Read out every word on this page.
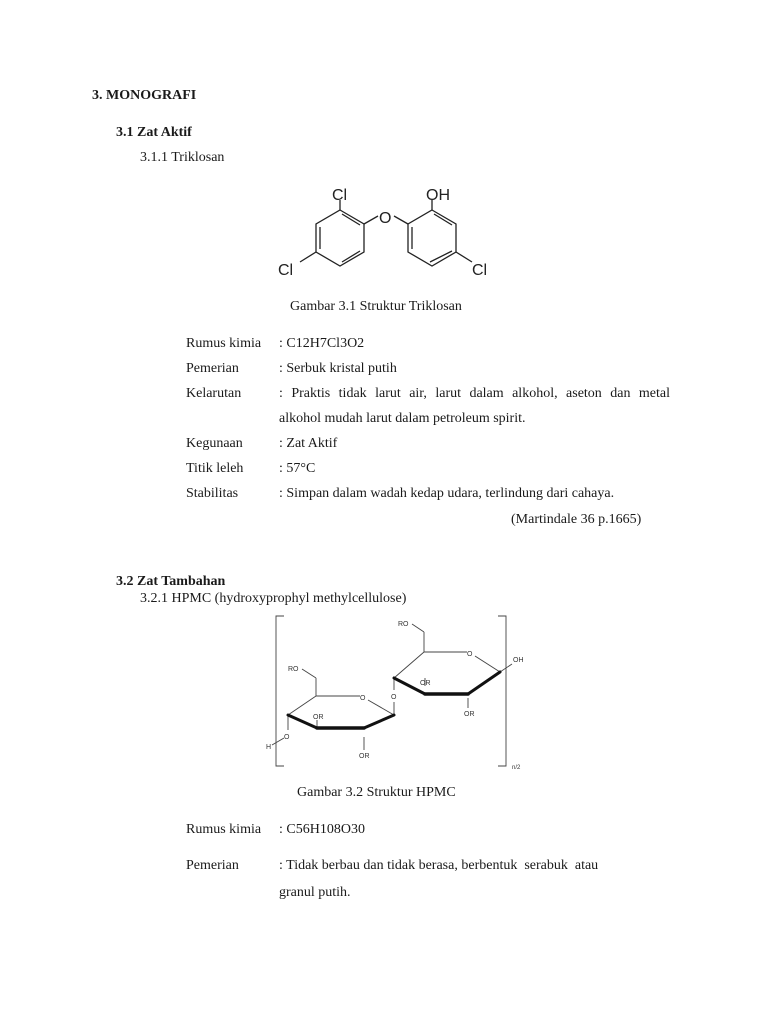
3. MONOGRAFI
3.1 Zat Aktif
3.1.1 Triklosan
Cl	OH
O
Cl	Cl
Gambar 3.1 Struktur Triklosan
Rumus kimia : C12H7Cl3O2
Pemerian	: Serbuk kristal putih
Kelarutan	: Praktis tidak larut air, larut dalam alkohol, aseton dan metal
alkohol mudah larut dalam petroleum spirit.
Kegunaan	: Zat Aktif
Titik leleh	: 57°C
Stabilitas	: Simpan dalam wadah kedap udara, terlindung dari cahaya.
(Martindale 36 p.1665)
3.2 Zat Tambahan
3.2.1 HPMC (hydroxyprophyl methylcellulose)
RO
RO
OH
OR
OR
OR
OR
O
O
O
O
H
n/2
Gambar 3.2 Struktur HPMC
Rumus kimia : C56H108O30
Pemerian	: Tidak berbau dan tidak berasa, berbentuk  serabuk  atau
granul putih.
